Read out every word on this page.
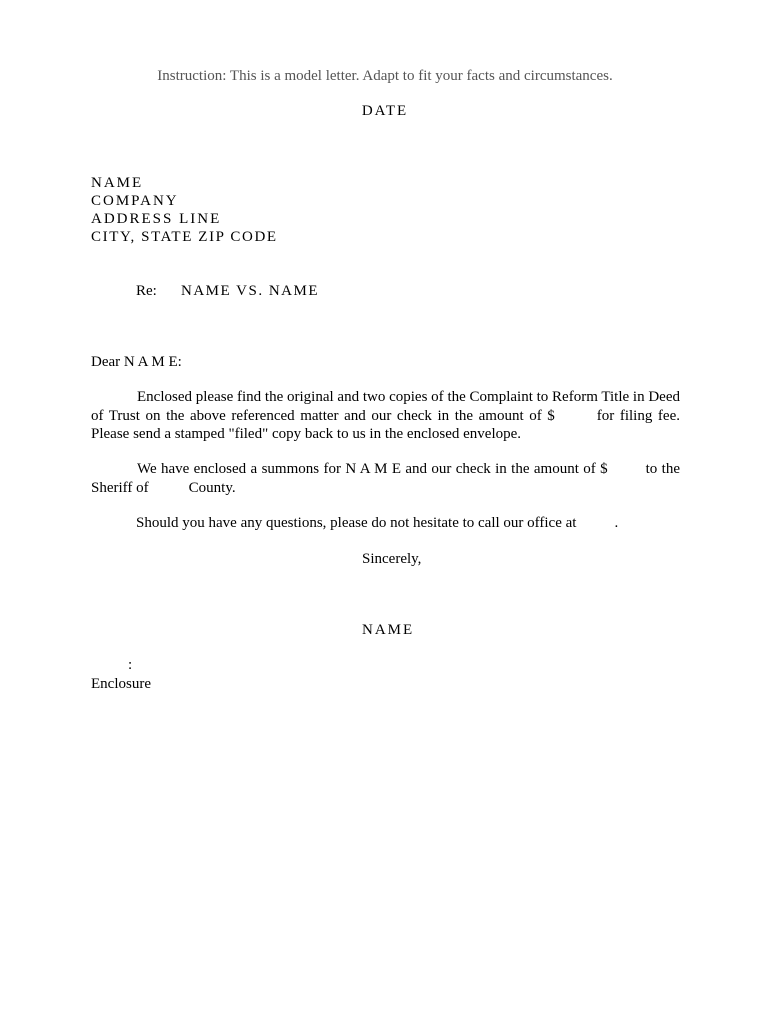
Instruction: This is a model letter. Adapt to fit your facts and circumstances.
DATE
NAME
COMPANY
ADDRESS LINE
CITY, STATE ZIP CODE
Re: NAME VS. NAME
Dear N A M E:
Enclosed please find the original and two copies of the Complaint to Reform Title in Deed of Trust on the above referenced matter and our check in the amount of $	for filing fee. Please send a stamped "filed" copy back to us in the enclosed envelope.
We have enclosed a summons for N A M E and our check in the amount of $	to the Sheriff of	County.
Should you have any questions, please do not hesitate to call our office at	.
Sincerely,
NAME
:
Enclosure
